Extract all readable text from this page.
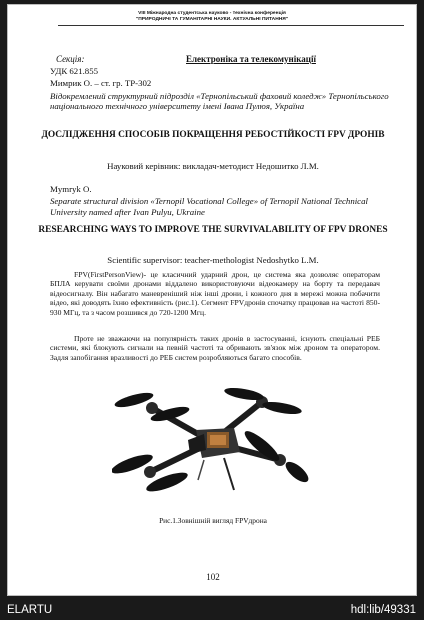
VIII Міжнародна студентська науково - технічна конференція
"ПРИРОДНИЧІ ТА ГУМАНІТАРНІ НАУКИ. АКТУАЛЬНІ ПИТАННЯ"
Секція:	Електроніка та телекомунікації
УДК 621.855
Мимрик О. – ст. гр. ТР-302
Відокремлений структурний підрозділ «Тернопільський фаховий коледж» Тернопільського національного технічного університету імені Івана Пулюя, Україна
ДОСЛІДЖЕННЯ СПОСОБІВ ПОКРАЩЕННЯ РЕБОСТІЙКОСТІ FPV ДРОНІВ
Науковий керівник: викладач-методист Недошитко Л.М.
Mymryk O.
Separate structural division «Ternopil Vocational College» of Ternopil National Technical University named after Ivan Pulyu, Ukraine
RESEARCHING WAYS TO IMPROVE THE SURVIVALABILITY OF FPV DRONES
Scientific supervisor: teacher-methologist Nedoshytko L.M.
FPV(FirstPersonView)- це класичний ударний дрон, це система яка дозволяє операторам БПЛА керувати своїми дронами віддалено використовуючи відеокамеру на борту та передавач відеосигналу. Він набагато маневреніший ніж інші дрони, і кожного дня в мережі можна побачити відео, які доводять їхню ефективність (рис.1). Сегмент FPVдронів спочатку працював на частоті 850-930 МГц, та з часом розшився до 720-1200 Мгц.
Проте не зважаючи на популярність таких дронів в застосуванні, існують спеціальні РЕБ системи, які блокують сигнали на певній частоті та обривають зв'язок між дроном та оператором. Задля запобігання вразливості до РЕБ систем розробляються багато способів.
Рис.1.Зовнішній вигляд FPVдрона
102
ELARTU	hdl:lib/49331
